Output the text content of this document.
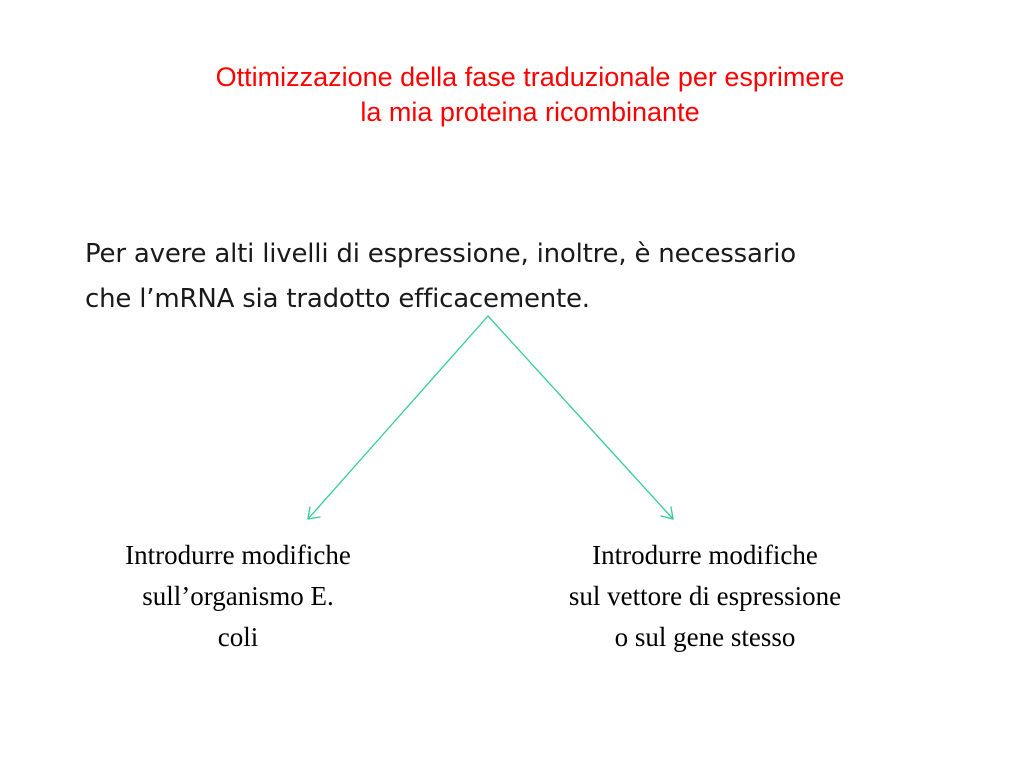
Ottimizzazione della fase traduzionale per esprimere
la mia proteina ricombinante
Per avere alti livelli di espressione, inoltre, è necessario
che l’mRNA sia tradotto efficacemente.
Introdurre modifiche
sull’organismo E.
coli
Introdurre modifiche
sul vettore di espressione
o sul gene stesso
